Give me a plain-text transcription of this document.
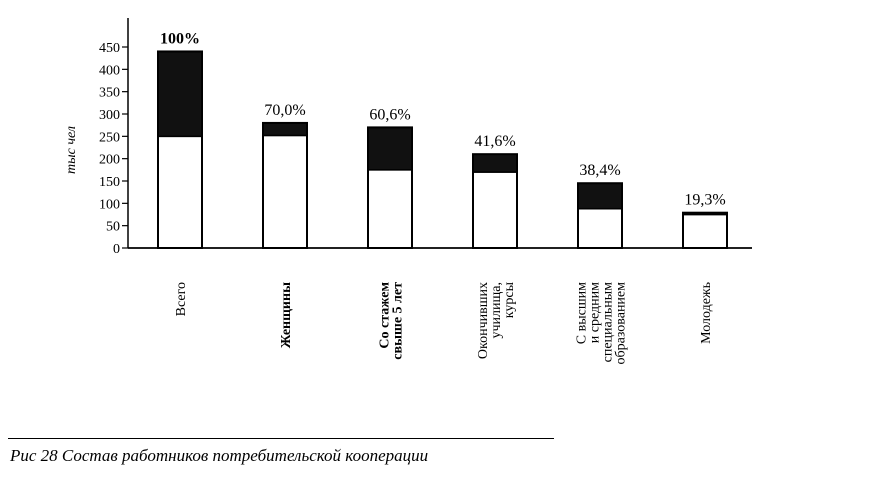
0
50
100
150
200
250
300
350
400
450
тыс чел
100%
70,0%	60,6%
41,6%
38,4%
19,3%
Всего	Женщины	Со стажем
свыше 5 лет	Окончивших
училища,
курсы	С высшим
и средним
специальным
образованием	Молодежь
Рис 28 Состав работников потребительской кооперации
